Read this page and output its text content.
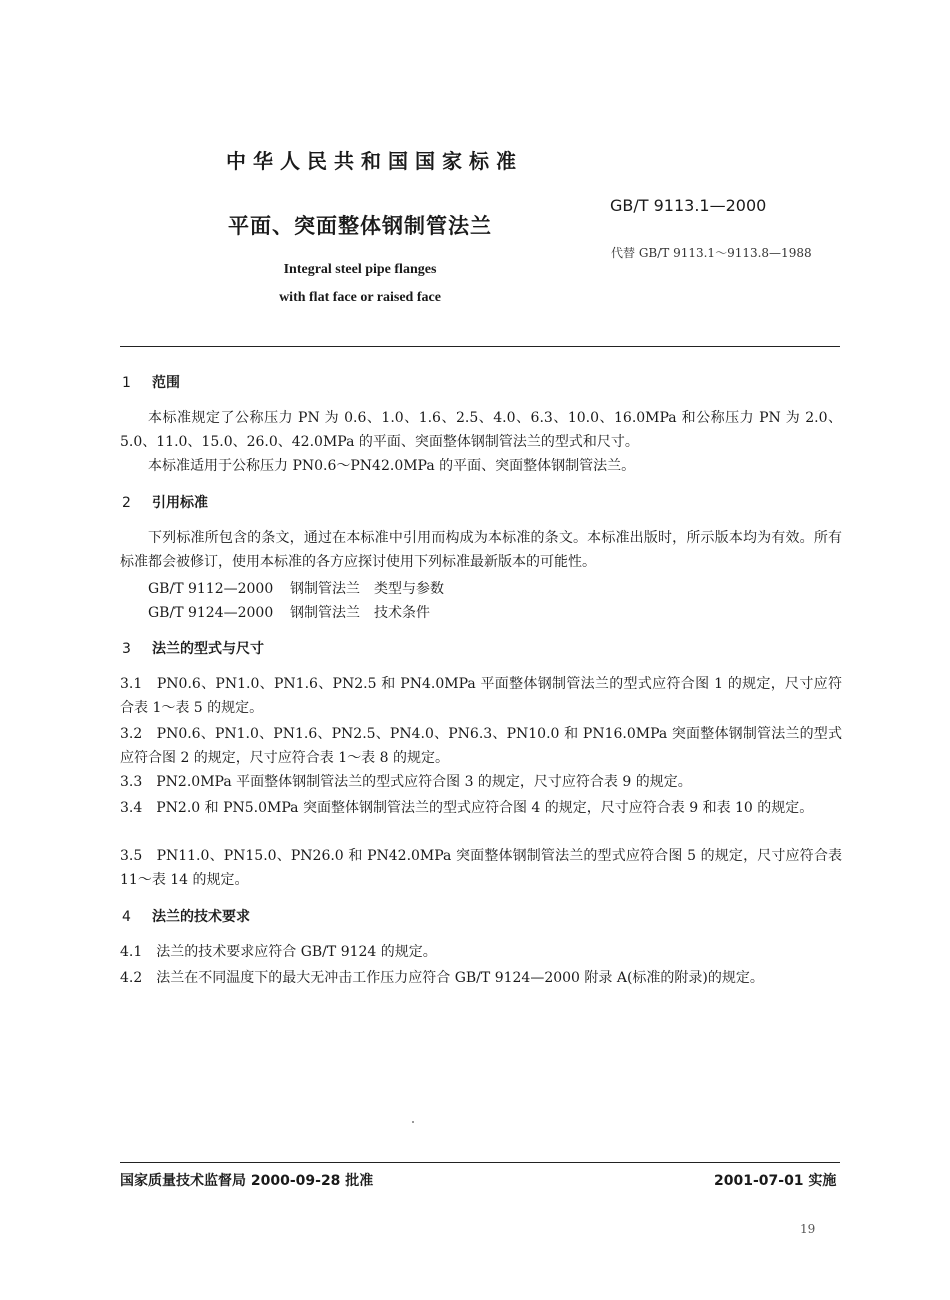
中华人民共和国国家标准
平面、突面整体钢制管法兰
Integral steel pipe flanges
with flat face or raised face
GB/T 9113.1—2000
代替 GB/T 9113.1～9113.8—1988
1 范围
本标准规定了公称压力 PN 为 0.6、1.0、1.6、2.5、4.0、6.3、10.0、16.0MPa 和公称压力 PN 为 2.0、5.0、11.0、15.0、26.0、42.0MPa 的平面、突面整体钢制管法兰的型式和尺寸。
本标准适用于公称压力 PN0.6～PN42.0MPa 的平面、突面整体钢制管法兰。
2 引用标准
下列标准所包含的条文，通过在本标准中引用而构成为本标准的条文。本标准出版时，所示版本均为有效。所有标准都会被修订，使用本标准的各方应探讨使用下列标准最新版本的可能性。
GB/T 9112—2000 钢制管法兰　类型与参数
GB/T 9124—2000 钢制管法兰　技术条件
3 法兰的型式与尺寸
3.1　PN0.6、PN1.0、PN1.6、PN2.5 和 PN4.0MPa 平面整体钢制管法兰的型式应符合图 1 的规定，尺寸应符合表 1～表 5 的规定。
3.2　PN0.6、PN1.0、PN1.6、PN2.5、PN4.0、PN6.3、PN10.0 和 PN16.0MPa 突面整体钢制管法兰的型式应符合图 2 的规定，尺寸应符合表 1～表 8 的规定。
3.3　PN2.0MPa 平面整体钢制管法兰的型式应符合图 3 的规定，尺寸应符合表 9 的规定。
3.4　PN2.0 和 PN5.0MPa 突面整体钢制管法兰的型式应符合图 4 的规定，尺寸应符合表 9 和表 10 的规定。
3.5　PN11.0、PN15.0、PN26.0 和 PN42.0MPa 突面整体钢制管法兰的型式应符合图 5 的规定，尺寸应符合表 11～表 14 的规定。
4 法兰的技术要求
4.1　法兰的技术要求应符合 GB/T 9124 的规定。
4.2　法兰在不同温度下的最大无冲击工作压力应符合 GB/T 9124—2000 附录 A(标准的附录)的规定。
国家质量技术监督局 2000-09-28 批准	2001-07-01 实施
19
